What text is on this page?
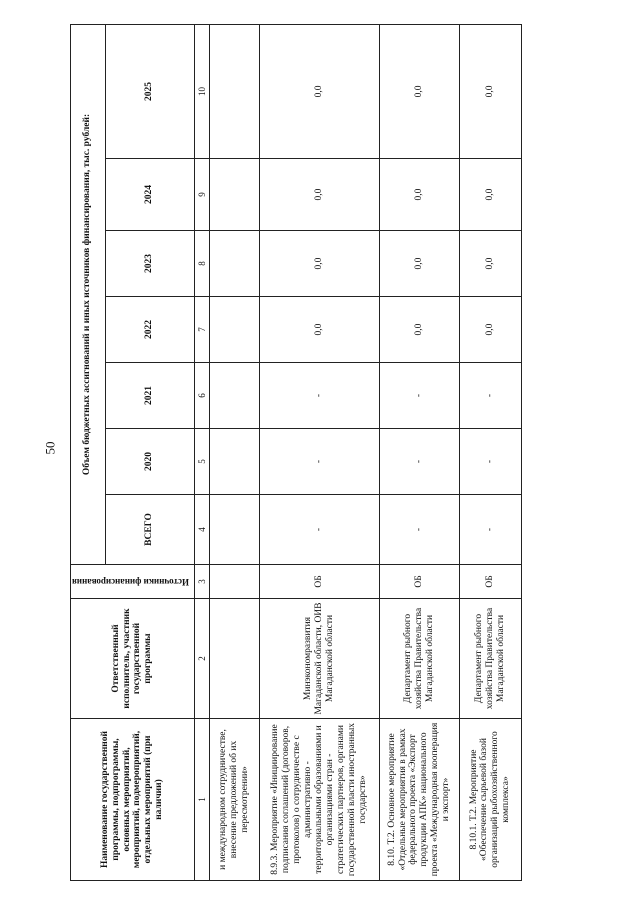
50
Наименование государственной программы, подпрограммы, основных мероприятий, мероприятий, подмероприятий, отдельных мероприятий (при наличии)	Ответственный исполнитель, участник государственной программы	Источники финансирования	Объем бюджетных ассигнований и иных источников финансирования, тыс. рублей:						
			ВСЕГО	2020	2021	2022	2023	2024	2025
1	2	3	4	5	6	7	8	9	10
и международном сотрудничестве, внесение предложений об их пересмотрении»									
8.9.3. Мероприятие «Инициирование подписания соглашений (договоров, протоколов) о сотрудничестве с административно - территориальными образованиями и организациями стран - стратегических партнеров, органами государственной власти иностранных государств»	Минэкономразвития Магаданской области, ОИВ Магаданской области	ОБ	-	-	-	0,0	0,0	0,0	0,0
8.10. Т.2. Основное мероприятие «Отдельные мероприятия в рамках федерального проекта «Экспорт продукции АПК» национального проекта «Международная кооперация и экспорт»	Департамент рыбного хозяйства Правительства Магаданской области	ОБ	-	-	-	0,0	0,0	0,0	0,0
8.10.1. Т.2. Мероприятие «Обеспечение сырьевой базой организаций рыбохозяйственного комплекса»	Департамент рыбного хозяйства Правительства Магаданской области	ОБ	-	-	-	0,0	0,0	0,0	0,0
